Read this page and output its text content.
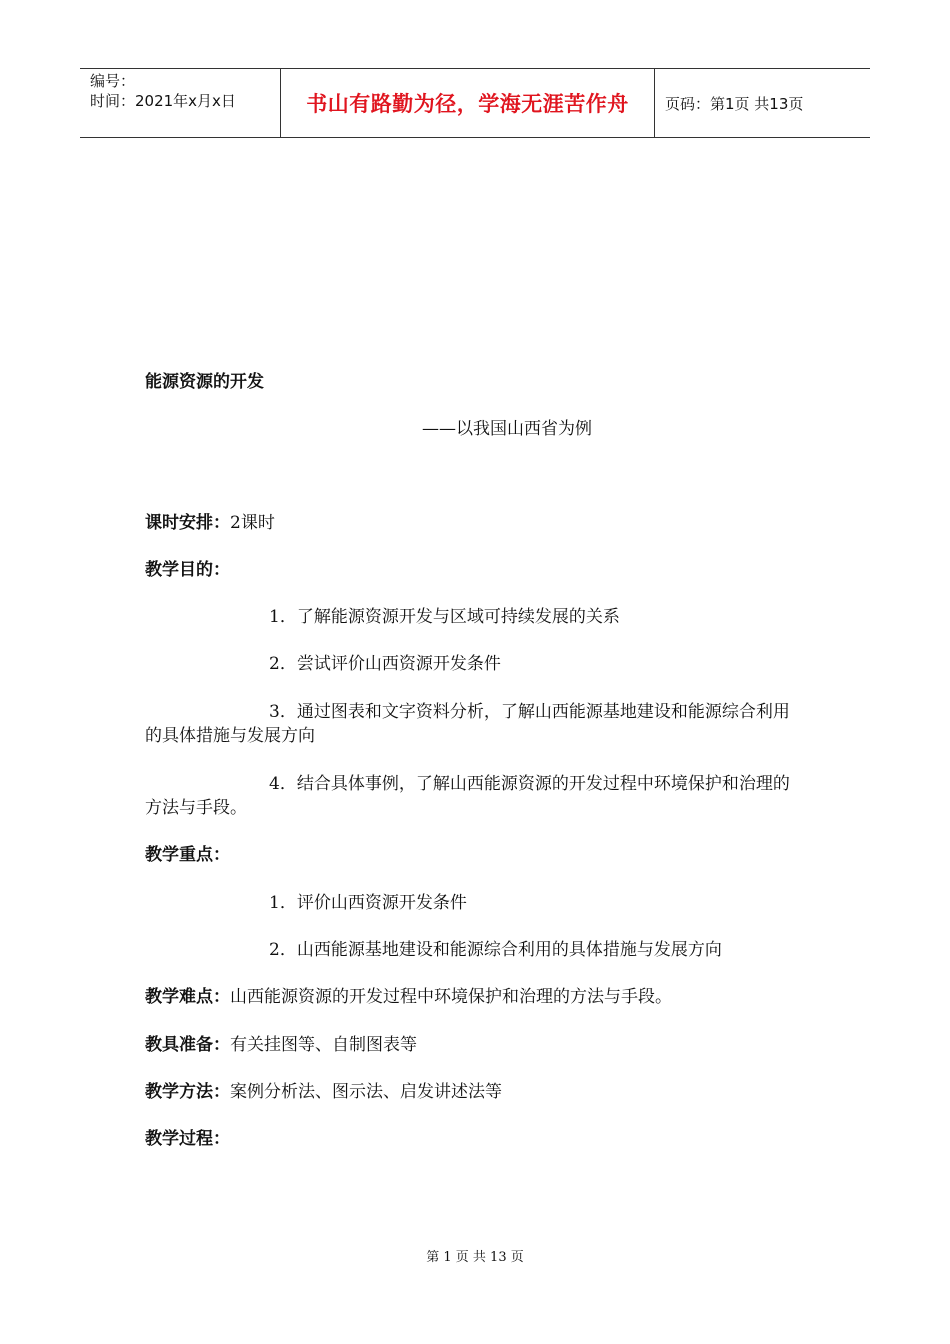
编号：
时间：2021年x月x日	书山有路勤为径，学海无涯苦作舟	页码：第1页 共13页
能源资源的开发
——以我国山西省为例
课时安排：2课时
教学目的：
1．了解能源资源开发与区域可持续发展的关系
2．尝试评价山西资源开发条件
3．通过图表和文字资料分析，了解山西能源基地建设和能源综合利用的具体措施与发展方向
4．结合具体事例，了解山西能源资源的开发过程中环境保护和治理的方法与手段。
教学重点：
1．评价山西资源开发条件
2．山西能源基地建设和能源综合利用的具体措施与发展方向
教学难点：山西能源资源的开发过程中环境保护和治理的方法与手段。
教具准备：有关挂图等、自制图表等
教学方法：案例分析法、图示法、启发讲述法等
教学过程：
第 1 页 共 13 页
